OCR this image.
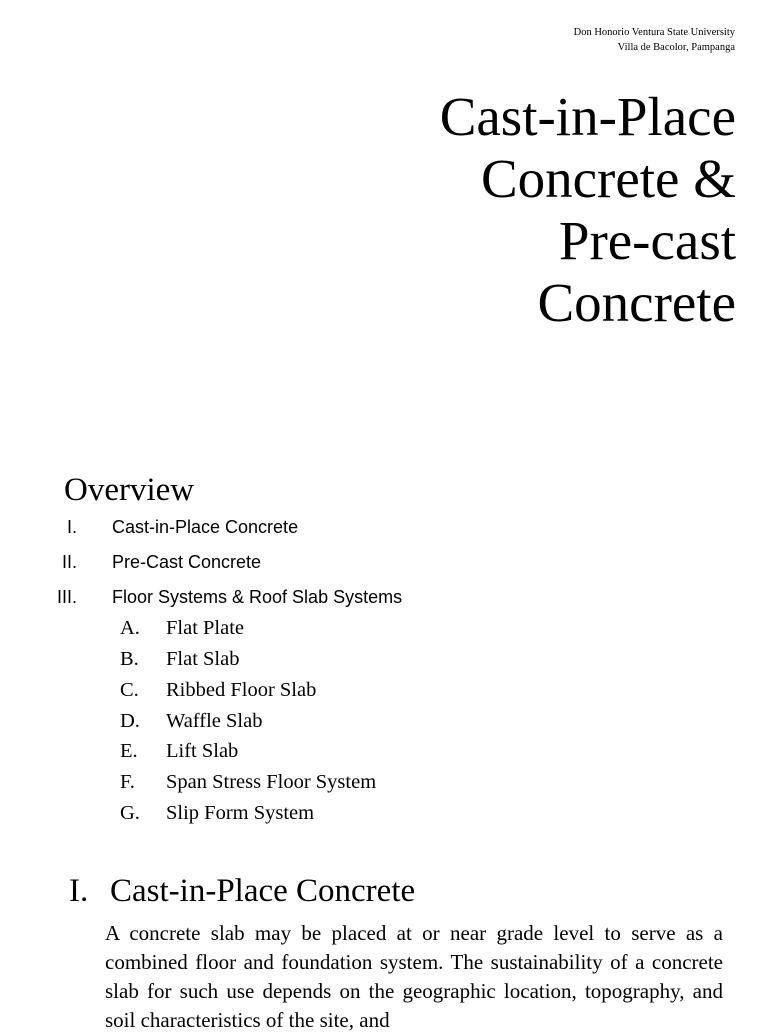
Don Honorio Ventura State University
Villa de Bacolor, Pampanga
Cast-in-Place
Concrete &
Pre-cast
Concrete
Overview
I. Cast-in-Place Concrete
II. Pre-Cast Concrete
III. Floor Systems & Roof Slab Systems
A. Flat Plate
B. Flat Slab
C. Ribbed Floor Slab
D. Waffle Slab
E. Lift Slab
F. Span Stress Floor System
G. Slip Form System
I. Cast-in-Place Concrete
A concrete slab may be placed at or near grade level to serve as a combined floor and foundation system. The sustainability of a concrete slab for such use depends on the geographic location, topography, and soil characteristics of the site, and
